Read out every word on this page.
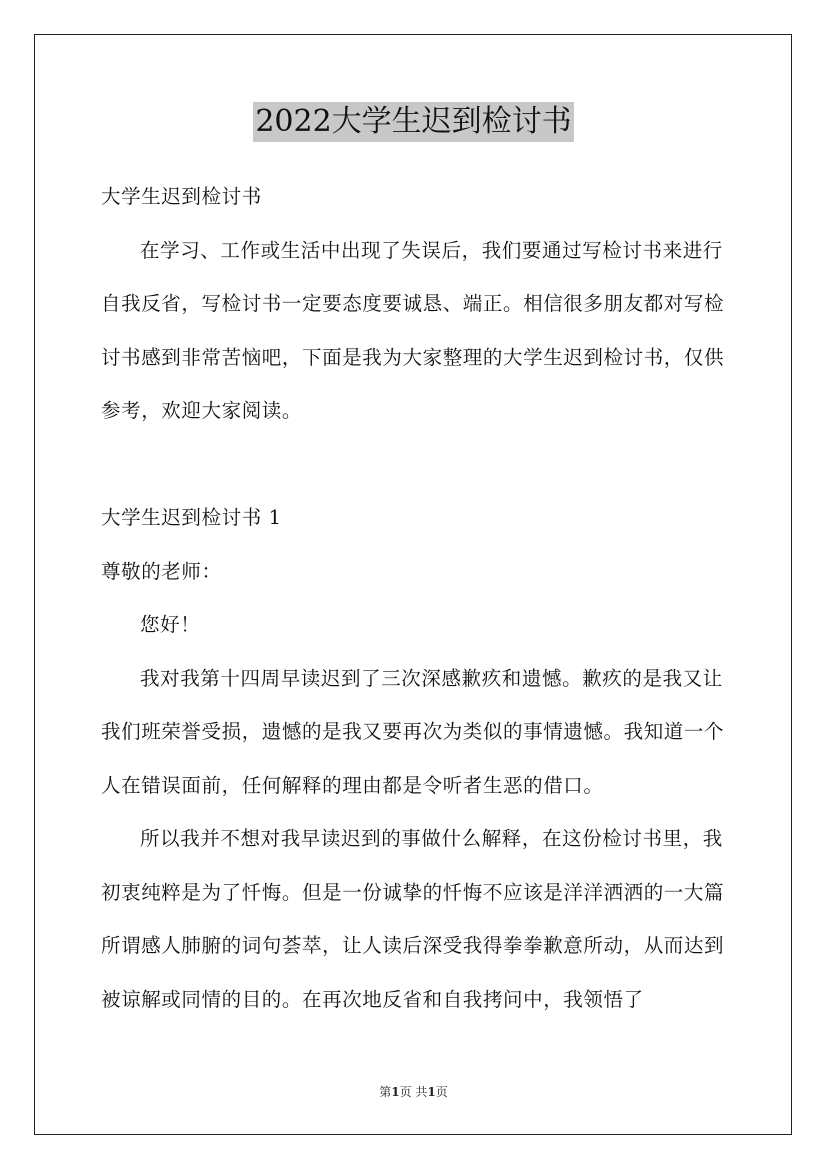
2022大学生迟到检讨书

大学生迟到检讨书

在学习、工作或生活中出现了失误后，我们要通过写检讨书来进行自我反省，写检讨书一定要态度要诚恳、端正。相信很多朋友都对写检讨书感到非常苦恼吧，下面是我为大家整理的大学生迟到检讨书，仅供参考，欢迎大家阅读。

大学生迟到检讨书 1

尊敬的老师：

您好！

我对我第十四周早读迟到了三次深感歉疚和遗憾。歉疚的是我又让我们班荣誉受损，遗憾的是我又要再次为类似的事情遗憾。我知道一个人在错误面前，任何解释的理由都是令听者生恶的借口。

所以我并不想对我早读迟到的事做什么解释，在这份检讨书里，我初衷纯粹是为了忏悔。但是一份诚挚的忏悔不应该是洋洋洒洒的一大篇所谓感人肺腑的词句荟萃，让人读后深受我得拳拳歉意所动，从而达到被谅解或同情的目的。在再次地反省和自我拷问中，我领悟了

第1页 共1页
